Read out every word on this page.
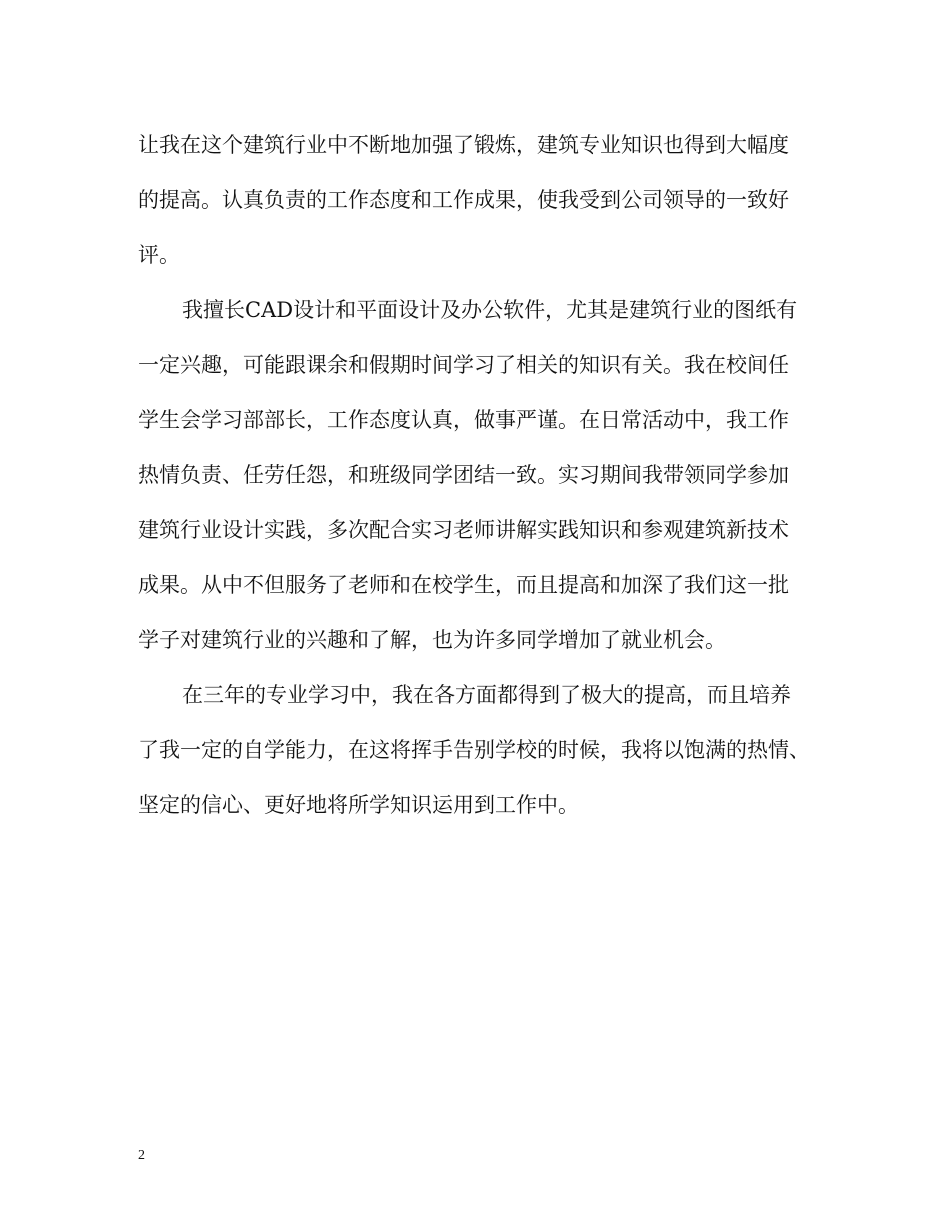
让我在这个建筑行业中不断地加强了锻炼，建筑专业知识也得到大幅度
的提高。认真负责的工作态度和工作成果，使我受到公司领导的一致好
评。
我擅长CAD设计和平面设计及办公软件，尤其是建筑行业的图纸有
一定兴趣，可能跟课余和假期时间学习了相关的知识有关。我在校间任
学生会学习部部长，工作态度认真，做事严谨。在日常活动中，我工作
热情负责、任劳任怨，和班级同学团结一致。实习期间我带领同学参加
建筑行业设计实践，多次配合实习老师讲解实践知识和参观建筑新技术
成果。从中不但服务了老师和在校学生，而且提高和加深了我们这一批
学子对建筑行业的兴趣和了解，也为许多同学增加了就业机会。
在三年的专业学习中，我在各方面都得到了极大的提高，而且培养
了我一定的自学能力，在这将挥手告别学校的时候，我将以饱满的热情、
坚定的信心、更好地将所学知识运用到工作中。
2
